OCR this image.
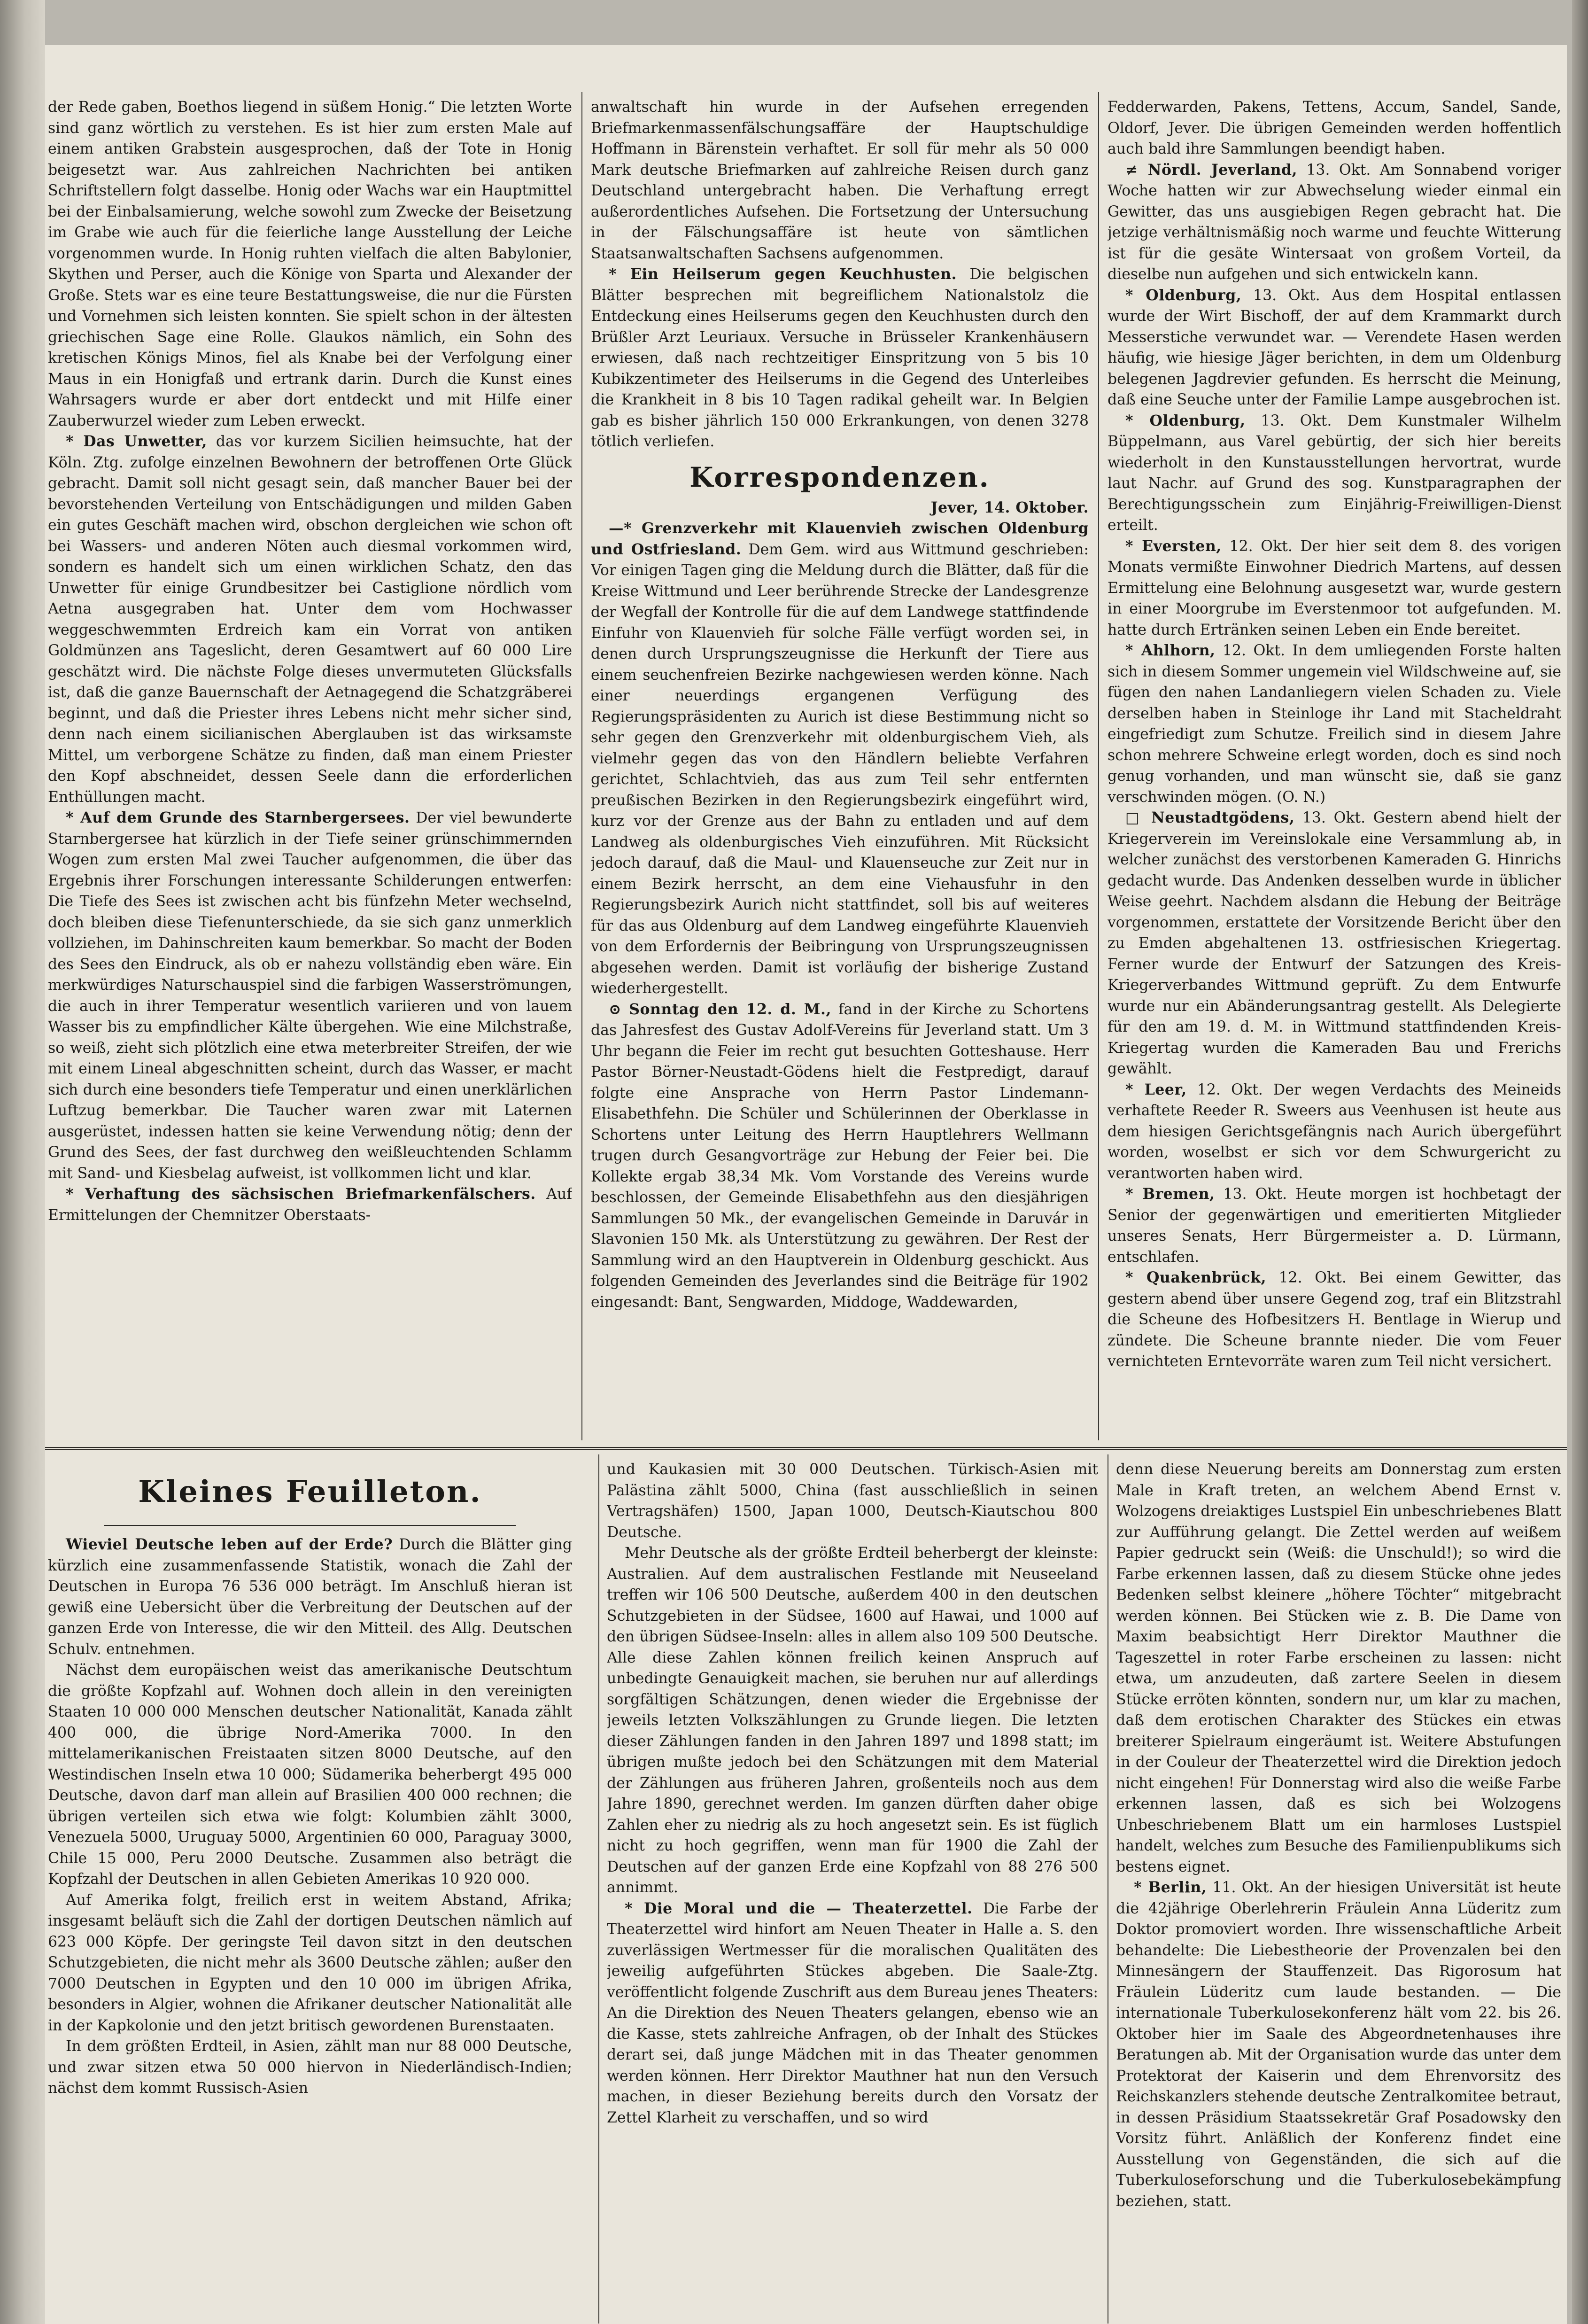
der Rede gaben, Boethos liegend in süßem Honig.“ Die letzten Worte sind ganz wörtlich zu verstehen. Es ist hier zum ersten Male auf einem antiken Grabstein ausgesprochen, daß der Tote in Honig beigesetzt war. Aus zahlreichen Nachrichten bei antiken Schriftstellern folgt dasselbe. Honig oder Wachs war ein Hauptmittel bei der Einbalsamierung, welche sowohl zum Zwecke der Beisetzung im Grabe wie auch für die feierliche lange Ausstellung der Leiche vorgenommen wurde. In Honig ruhten vielfach die alten Babylonier, Skythen und Perser, auch die Könige von Sparta und Alexander der Große. Stets war es eine teure Bestattungsweise, die nur die Fürsten und Vornehmen sich leisten konnten. Sie spielt schon in der ältesten griechischen Sage eine Rolle. Glaukos nämlich, ein Sohn des kretischen Königs Minos, fiel als Knabe bei der Verfolgung einer Maus in ein Honigfaß und ertrank darin. Durch die Kunst eines Wahrsagers wurde er aber dort entdeckt und mit Hilfe einer Zauberwurzel wieder zum Leben erweckt.

* Das Unwetter, das vor kurzem Sicilien heimsuchte, hat der Köln. Ztg. zufolge einzelnen Bewohnern der betroffenen Orte Glück gebracht. Damit soll nicht gesagt sein, daß mancher Bauer bei der bevorstehenden Verteilung von Entschädigungen und milden Gaben ein gutes Geschäft machen wird, obschon dergleichen wie schon oft bei Wassers- und anderen Nöten auch diesmal vorkommen wird, sondern es handelt sich um einen wirklichen Schatz, den das Unwetter für einige Grundbesitzer bei Castiglione nördlich vom Aetna ausgegraben hat. Unter dem vom Hochwasser weggeschwemmten Erdreich kam ein Vorrat von antiken Goldmünzen ans Tageslicht, deren Gesamtwert auf 60 000 Lire geschätzt wird. Die nächste Folge dieses unvermuteten Glücksfalls ist, daß die ganze Bauernschaft der Aetnagegend die Schatzgräberei beginnt, und daß die Priester ihres Lebens nicht mehr sicher sind, denn nach einem sicilianischen Aberglauben ist das wirksamste Mittel, um verborgene Schätze zu finden, daß man einem Priester den Kopf abschneidet, dessen Seele dann die erforderlichen Enthüllungen macht.

* Auf dem Grunde des Starnbergersees. Der viel bewunderte Starnbergersee hat kürzlich in der Tiefe seiner grünschimmernden Wogen zum ersten Mal zwei Taucher aufgenommen, die über das Ergebnis ihrer Forschungen interessante Schilderungen entwerfen: Die Tiefe des Sees ist zwischen acht bis fünfzehn Meter wechselnd, doch bleiben diese Tiefenunterschiede, da sie sich ganz unmerklich vollziehen, im Dahinschreiten kaum bemerkbar. So macht der Boden des Sees den Eindruck, als ob er nahezu vollständig eben wäre. Ein merkwürdiges Naturschauspiel sind die farbigen Wasserströmungen, die auch in ihrer Temperatur wesentlich variieren und von lauem Wasser bis zu empfindlicher Kälte übergehen. Wie eine Milchstraße, so weiß, zieht sich plötzlich eine etwa meterbreiter Streifen, der wie mit einem Lineal abgeschnitten scheint, durch das Wasser, er macht sich durch eine besonders tiefe Temperatur und einen unerklärlichen Luftzug bemerkbar. Die Taucher waren zwar mit Laternen ausgerüstet, indessen hatten sie keine Verwendung nötig; denn der Grund des Sees, der fast durchweg den weißleuchtenden Schlamm mit Sand- und Kiesbelag aufweist, ist vollkommen licht und klar.

* Verhaftung des sächsischen Briefmarkenfälschers. Auf Ermittelungen der Chemnitzer Oberstaats-

anwaltschaft hin wurde in der Aufsehen erregenden Briefmarkenmassenfälschungsaffäre der Hauptschuldige Hoffmann in Bärenstein verhaftet. Er soll für mehr als 50 000 Mark deutsche Briefmarken auf zahlreiche Reisen durch ganz Deutschland untergebracht haben. Die Verhaftung erregt außerordentliches Aufsehen. Die Fortsetzung der Untersuchung in der Fälschungsaffäre ist heute von sämtlichen Staatsanwaltschaften Sachsens aufgenommen.

* Ein Heilserum gegen Keuchhusten. Die belgischen Blätter besprechen mit begreiflichem Nationalstolz die Entdeckung eines Heilserums gegen den Keuchhusten durch den Brüßler Arzt Leuriaux. Versuche in Brüsseler Krankenhäusern erwiesen, daß nach rechtzeitiger Einspritzung von 5 bis 10 Kubikzentimeter des Heilserums in die Gegend des Unterleibes die Krankheit in 8 bis 10 Tagen radikal geheilt war. In Belgien gab es bisher jährlich 150 000 Erkrankungen, von denen 3278 tötlich verliefen.

Korrespondenzen.

Jever, 14. Oktober.

—* Grenzverkehr mit Klauenvieh zwischen Oldenburg und Ostfriesland. Dem Gem. wird aus Wittmund geschrieben: Vor einigen Tagen ging die Meldung durch die Blätter, daß für die Kreise Wittmund und Leer berührende Strecke der Landesgrenze der Wegfall der Kontrolle für die auf dem Landwege stattfindende Einfuhr von Klauenvieh für solche Fälle verfügt worden sei, in denen durch Ursprungszeugnisse die Herkunft der Tiere aus einem seuchenfreien Bezirke nachgewiesen werden könne. Nach einer neuerdings ergangenen Verfügung des Regierungspräsidenten zu Aurich ist diese Bestimmung nicht so sehr gegen den Grenzverkehr mit oldenburgischem Vieh, als vielmehr gegen das von den Händlern beliebte Verfahren gerichtet, Schlachtvieh, das aus zum Teil sehr entfernten preußischen Bezirken in den Regierungsbezirk eingeführt wird, kurz vor der Grenze aus der Bahn zu entladen und auf dem Landweg als oldenburgisches Vieh einzuführen. Mit Rücksicht jedoch darauf, daß die Maul- und Klauenseuche zur Zeit nur in einem Bezirk herrscht, an dem eine Viehausfuhr in den Regierungsbezirk Aurich nicht stattfindet, soll bis auf weiteres für das aus Oldenburg auf dem Landweg eingeführte Klauenvieh von dem Erfordernis der Beibringung von Ursprungszeugnissen abgesehen werden. Damit ist vorläufig der bisherige Zustand wiederhergestellt.

⊙ Sonntag den 12. d. M., fand in der Kirche zu Schortens das Jahresfest des Gustav Adolf-Vereins für Jeverland statt. Um 3 Uhr begann die Feier im recht gut besuchten Gotteshause. Herr Pastor Börner-Neustadt-Gödens hielt die Festpredigt, darauf folgte eine Ansprache von Herrn Pastor Lindemann-Elisabethfehn. Die Schüler und Schülerinnen der Oberklasse in Schortens unter Leitung des Herrn Hauptlehrers Wellmann trugen durch Gesangvorträge zur Hebung der Feier bei. Die Kollekte ergab 38,34 Mk. Vom Vorstande des Vereins wurde beschlossen, der Gemeinde Elisabethfehn aus den diesjährigen Sammlungen 50 Mk., der evangelischen Gemeinde in Daruvár in Slavonien 150 Mk. als Unterstützung zu gewähren. Der Rest der Sammlung wird an den Hauptverein in Oldenburg geschickt. Aus folgenden Gemeinden des Jeverlandes sind die Beiträge für 1902 eingesandt: Bant, Sengwarden, Middoge, Waddewarden,

Fedderwarden, Pakens, Tettens, Accum, Sandel, Sande, Oldorf, Jever. Die übrigen Gemeinden werden hoffentlich auch bald ihre Sammlungen beendigt haben.

≠ Nördl. Jeverland, 13. Okt. Am Sonnabend voriger Woche hatten wir zur Abwechselung wieder einmal ein Gewitter, das uns ausgiebigen Regen gebracht hat. Die jetzige verhältnismäßig noch warme und feuchte Witterung ist für die gesäte Wintersaat von großem Vorteil, da dieselbe nun aufgehen und sich entwickeln kann.

* Oldenburg, 13. Okt. Aus dem Hospital entlassen wurde der Wirt Bischoff, der auf dem Krammarkt durch Messerstiche verwundet war. — Verendete Hasen werden häufig, wie hiesige Jäger berichten, in dem um Oldenburg belegenen Jagdrevier gefunden. Es herrscht die Meinung, daß eine Seuche unter der Familie Lampe ausgebrochen ist.

* Oldenburg, 13. Okt. Dem Kunstmaler Wilhelm Büppelmann, aus Varel gebürtig, der sich hier bereits wiederholt in den Kunstausstellungen hervortrat, wurde laut Nachr. auf Grund des sog. Kunstparagraphen der Berechtigungsschein zum Einjährig-Freiwilligen-Dienst erteilt.

* Eversten, 12. Okt. Der hier seit dem 8. des vorigen Monats vermißte Einwohner Diedrich Martens, auf dessen Ermittelung eine Belohnung ausgesetzt war, wurde gestern in einer Moorgrube im Everstenmoor tot aufgefunden. M. hatte durch Ertränken seinen Leben ein Ende bereitet.

* Ahlhorn, 12. Okt. In dem umliegenden Forste halten sich in diesem Sommer ungemein viel Wildschweine auf, sie fügen den nahen Landanliegern vielen Schaden zu. Viele derselben haben in Steinloge ihr Land mit Stacheldraht eingefriedigt zum Schutze. Freilich sind in diesem Jahre schon mehrere Schweine erlegt worden, doch es sind noch genug vorhanden, und man wünscht sie, daß sie ganz verschwinden mögen. (O. N.)

□ Neustadtgödens, 13. Okt. Gestern abend hielt der Kriegerverein im Vereinslokale eine Versammlung ab, in welcher zunächst des verstorbenen Kameraden G. Hinrichs gedacht wurde. Das Andenken desselben wurde in üblicher Weise geehrt. Nachdem alsdann die Hebung der Beiträge vorgenommen, erstattete der Vorsitzende Bericht über den zu Emden abgehaltenen 13. ostfriesischen Kriegertag. Ferner wurde der Entwurf der Satzungen des Kreis-Kriegerverbandes Wittmund geprüft. Zu dem Entwurfe wurde nur ein Abänderungsantrag gestellt. Als Delegierte für den am 19. d. M. in Wittmund stattfindenden Kreis-Kriegertag wurden die Kameraden Bau und Frerichs gewählt.

* Leer, 12. Okt. Der wegen Verdachts des Meineids verhaftete Reeder R. Sweers aus Veenhusen ist heute aus dem hiesigen Gerichtsgefängnis nach Aurich übergeführt worden, woselbst er sich vor dem Schwurgericht zu verantworten haben wird.

* Bremen, 13. Okt. Heute morgen ist hochbetagt der Senior der gegenwärtigen und emeritierten Mitglieder unseres Senats, Herr Bürgermeister a. D. Lürmann, entschlafen.

* Quakenbrück, 12. Okt. Bei einem Gewitter, das gestern abend über unsere Gegend zog, traf ein Blitzstrahl die Scheune des Hofbesitzers H. Bentlage in Wierup und zündete. Die Scheune brannte nieder. Die vom Feuer vernichteten Erntevorräte waren zum Teil nicht versichert.

Kleines Feuilleton.

Wieviel Deutsche leben auf der Erde? Durch die Blätter ging kürzlich eine zusammenfassende Statistik, wonach die Zahl der Deutschen in Europa 76 536 000 beträgt. Im Anschluß hieran ist gewiß eine Uebersicht über die Verbreitung der Deutschen auf der ganzen Erde von Interesse, die wir den Mitteil. des Allg. Deutschen Schulv. entnehmen.

Nächst dem europäischen weist das amerikanische Deutschtum die größte Kopfzahl auf. Wohnen doch allein in den vereinigten Staaten 10 000 000 Menschen deutscher Nationalität, Kanada zählt 400 000, die übrige Nord-Amerika 7000. In den mittelamerikanischen Freistaaten sitzen 8000 Deutsche, auf den Westindischen Inseln etwa 10 000; Südamerika beherbergt 495 000 Deutsche, davon darf man allein auf Brasilien 400 000 rechnen; die übrigen verteilen sich etwa wie folgt: Kolumbien zählt 3000, Venezuela 5000, Uruguay 5000, Argentinien 60 000, Paraguay 3000, Chile 15 000, Peru 2000 Deutsche. Zusammen also beträgt die Kopfzahl der Deutschen in allen Gebieten Amerikas 10 920 000.

Auf Amerika folgt, freilich erst in weitem Abstand, Afrika; insgesamt beläuft sich die Zahl der dortigen Deutschen nämlich auf 623 000 Köpfe. Der geringste Teil davon sitzt in den deutschen Schutzgebieten, die nicht mehr als 3600 Deutsche zählen; außer den 7000 Deutschen in Egypten und den 10 000 im übrigen Afrika, besonders in Algier, wohnen die Afrikaner deutscher Nationalität alle in der Kapkolonie und den jetzt britisch gewordenen Burenstaaten.

In dem größten Erdteil, in Asien, zählt man nur 88 000 Deutsche, und zwar sitzen etwa 50 000 hiervon in Niederländisch-Indien; nächst dem kommt Russisch-Asien

und Kaukasien mit 30 000 Deutschen. Türkisch-Asien mit Palästina zählt 5000, China (fast ausschließlich in seinen Vertragshäfen) 1500, Japan 1000, Deutsch-Kiautschou 800 Deutsche.

Mehr Deutsche als der größte Erdteil beherbergt der kleinste: Australien. Auf dem australischen Festlande mit Neuseeland treffen wir 106 500 Deutsche, außerdem 400 in den deutschen Schutzgebieten in der Südsee, 1600 auf Hawai, und 1000 auf den übrigen Südsee-Inseln: alles in allem also 109 500 Deutsche. Alle diese Zahlen können freilich keinen Anspruch auf unbedingte Genauigkeit machen, sie beruhen nur auf allerdings sorgfältigen Schätzungen, denen wieder die Ergebnisse der jeweils letzten Volkszählungen zu Grunde liegen. Die letzten dieser Zählungen fanden in den Jahren 1897 und 1898 statt; im übrigen mußte jedoch bei den Schätzungen mit dem Material der Zählungen aus früheren Jahren, großenteils noch aus dem Jahre 1890, gerechnet werden. Im ganzen dürften daher obige Zahlen eher zu niedrig als zu hoch angesetzt sein. Es ist füglich nicht zu hoch gegriffen, wenn man für 1900 die Zahl der Deutschen auf der ganzen Erde eine Kopfzahl von 88 276 500 annimmt.

* Die Moral und die — Theaterzettel. Die Farbe der Theaterzettel wird hinfort am Neuen Theater in Halle a. S. den zuverlässigen Wertmesser für die moralischen Qualitäten des jeweilig aufgeführten Stückes abgeben. Die Saale-Ztg. veröffentlicht folgende Zuschrift aus dem Bureau jenes Theaters: An die Direktion des Neuen Theaters gelangen, ebenso wie an die Kasse, stets zahlreiche Anfragen, ob der Inhalt des Stückes derart sei, daß junge Mädchen mit in das Theater genommen werden können. Herr Direktor Mauthner hat nun den Versuch machen, in dieser Beziehung bereits durch den Vorsatz der Zettel Klarheit zu verschaffen, und so wird

denn diese Neuerung bereits am Donnerstag zum ersten Male in Kraft treten, an welchem Abend Ernst v. Wolzogens dreiaktiges Lustspiel Ein unbeschriebenes Blatt zur Aufführung gelangt. Die Zettel werden auf weißem Papier gedruckt sein (Weiß: die Unschuld!); so wird die Farbe erkennen lassen, daß zu diesem Stücke ohne jedes Bedenken selbst kleinere „höhere Töchter“ mitgebracht werden können. Bei Stücken wie z. B. Die Dame von Maxim beabsichtigt Herr Direktor Mauthner die Tageszettel in roter Farbe erscheinen zu lassen: nicht etwa, um anzudeuten, daß zartere Seelen in diesem Stücke erröten könnten, sondern nur, um klar zu machen, daß dem erotischen Charakter des Stückes ein etwas breiterer Spielraum eingeräumt ist. Weitere Abstufungen in der Couleur der Theaterzettel wird die Direktion jedoch nicht eingehen! Für Donnerstag wird also die weiße Farbe erkennen lassen, daß es sich bei Wolzogens Unbeschriebenem Blatt um ein harmloses Lustspiel handelt, welches zum Besuche des Familienpublikums sich bestens eignet.

* Berlin, 11. Okt. An der hiesigen Universität ist heute die 42jährige Oberlehrerin Fräulein Anna Lüderitz zum Doktor promoviert worden. Ihre wissenschaftliche Arbeit behandelte: Die Liebestheorie der Provenzalen bei den Minnesängern der Stauffenzeit. Das Rigorosum hat Fräulein Lüderitz cum laude bestanden. — Die internationale Tuberkulosekonferenz hält vom 22. bis 26. Oktober hier im Saale des Abgeordnetenhauses ihre Beratungen ab. Mit der Organisation wurde das unter dem Protektorat der Kaiserin und dem Ehrenvorsitz des Reichskanzlers stehende deutsche Zentralkomitee betraut, in dessen Präsidium Staatssekretär Graf Posadowsky den Vorsitz führt. Anläßlich der Konferenz findet eine Ausstellung von Gegenständen, die sich auf die Tuberkuloseforschung und die Tuberkulosebekämpfung beziehen, statt.
